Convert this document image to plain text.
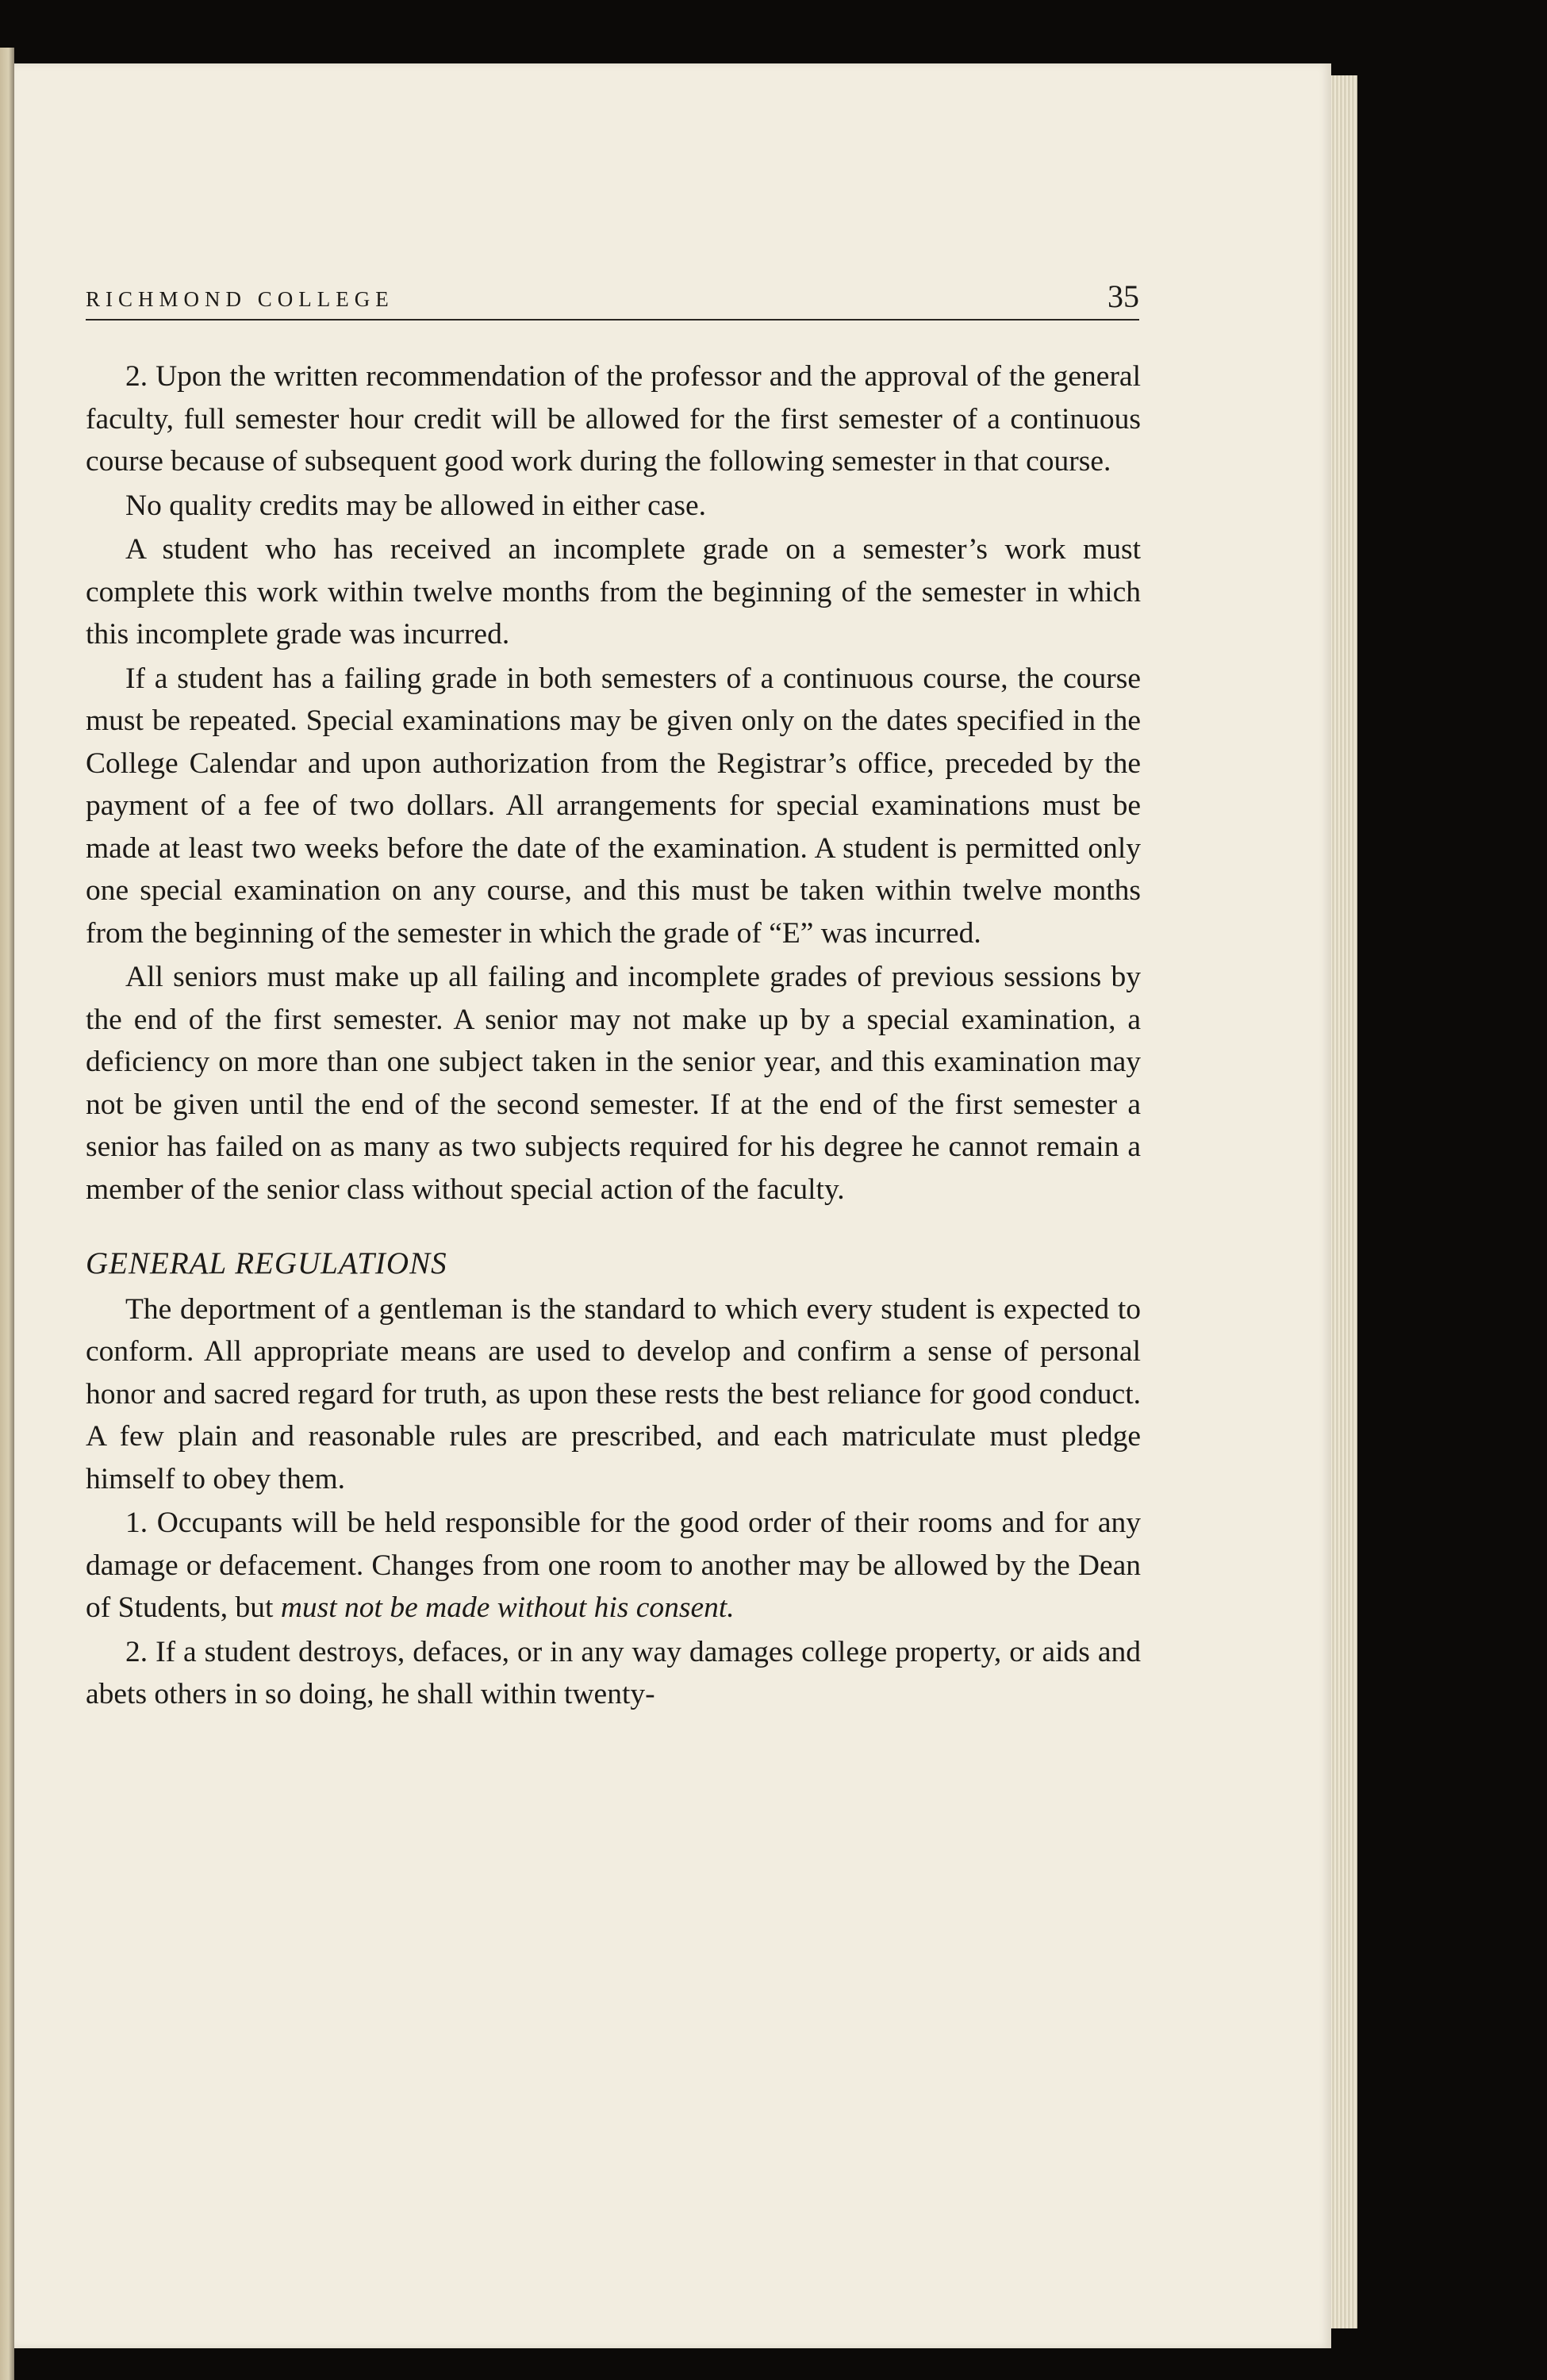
RICHMOND COLLEGE	35

2. Upon the written recommendation of the professor and the approval of the general faculty, full semester hour credit will be allowed for the first semester of a continuous course because of subsequent good work during the following semester in that course.

No quality credits may be allowed in either case.

A student who has received an incomplete grade on a semester’s work must complete this work within twelve months from the beginning of the semester in which this incomplete grade was incurred.

If a student has a failing grade in both semesters of a continuous course, the course must be repeated. Special examinations may be given only on the dates specified in the College Calendar and upon authorization from the Registrar’s office, preceded by the payment of a fee of two dollars. All arrangements for special examinations must be made at least two weeks before the date of the examination. A student is permitted only one special examination on any course, and this must be taken within twelve months from the beginning of the semester in which the grade of “E” was incurred.

All seniors must make up all failing and incomplete grades of previous sessions by the end of the first semester. A senior may not make up by a special examination, a deficiency on more than one subject taken in the senior year, and this examination may not be given until the end of the second semester. If at the end of the first semester a senior has failed on as many as two subjects required for his degree he cannot remain a member of the senior class without special action of the faculty.

GENERAL REGULATIONS

The deportment of a gentleman is the standard to which every student is expected to conform. All appropriate means are used to develop and confirm a sense of personal honor and sacred regard for truth, as upon these rests the best reliance for good conduct. A few plain and reasonable rules are prescribed, and each matriculate must pledge himself to obey them.

1. Occupants will be held responsible for the good order of their rooms and for any damage or defacement. Changes from one room to another may be allowed by the Dean of Students, but must not be made without his consent.

2. If a student destroys, defaces, or in any way damages college property, or aids and abets others in so doing, he shall within twenty-
